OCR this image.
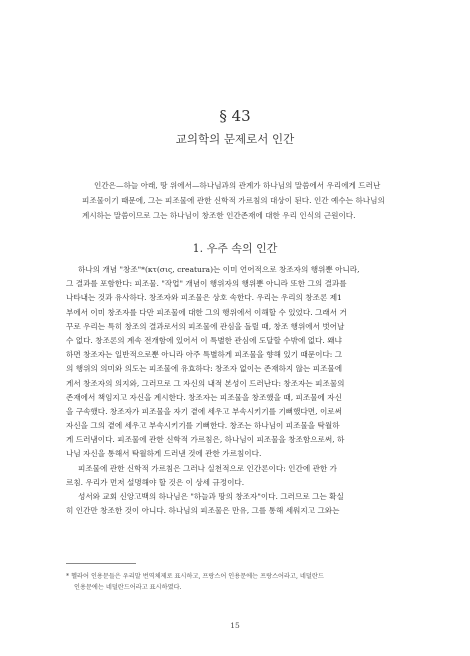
§ 43
교의학의 문제로서 인간
인간은—하늘 아래, 땅 위에서—하나님과의 관계가 하나님의 말씀에서 우리에게 드러난
피조물이기 때문에, 그는 피조물에 관한 신학적 가르침의 대상이 된다. 인간 예수는 하나님의
계시하는 말씀이므로 그는 하나님이 창조한 인간존재에 대한 우리 인식의 근원이다.
1. 우주 속의 인간
하나의 개념 "창조"*(κτ(σις, creatura)는 이미 언어적으로 창조자의 행위뿐 아니라,
그 결과를 포함한다: 피조물. "작업" 개념이 행위자의 행위뿐 아니라 또한 그의 결과를
나타내는 것과 유사하다. 창조자와 피조물은 상호 속한다. 우리는 우리의 창조론 제1
부에서 이미 창조자를 다만 피조물에 대한 그의 행위에서 이해할 수 있었다. 그래서 거
꾸로 우리는 특히 창조의 결과로서의 피조물에 관심을 돌릴 때, 창조 행위에서 벗어날
수 없다. 창조론의 계속 전개함에 있어서 이 특별한 관심에 도달할 수밖에 없다. 왜냐
하면 창조자는 일반적으로뿐 아니라 아주 특별하게 피조물을 향해 있기 때문이다: 그
의 행위의 의미와 의도는 피조물에 유효하다: 창조자 없이는 존재하지 않는 피조물에
게서 창조자의 의지와, 그러므로 그 자신의 내적 본성이 드러난다: 창조자는 피조물의
존재에서 책임지고 자신을 계시한다. 창조자는 피조물을 창조했을 때, 피조물에 자신
을 구속했다. 창조자가 피조물을 자기 곁에 세우고 부속시키기를 기뻐했다면, 이로써
자신을 그의 곁에 세우고 부속시키기를 기뻐한다. 창조는 하나님이 피조물을 탁월하
게 드러냄이다. 피조물에 관한 신학적 가르침은, 하나님이 피조물을 창조함으로써, 하
나님 자신을 통해서 탁월하게 드러낸 것에 관한 가르침이다.
피조물에 관한 신학적 가르침은 그러나 실천적으로 인간론이다: 인간에 관한 가
르침. 우리가 먼저 설명해야 할 것은 이 상세 규정이다.
성서와 교회 신앙고백의 하나님은 "하늘과 땅의 창조자"이다. 그러므로 그는 확실
히 인간만 창조한 것이 아니다. 하나님의 피조물은 만유, 그를 통해 세워지고 그와는
* 헬라어 인용문들은 우리말 번역체제로 표시하고, 프랑스어 인용문에는 프랑스어라고, 네덜란드
인용문에는 네덜란드어라고 표시하였다.
15
